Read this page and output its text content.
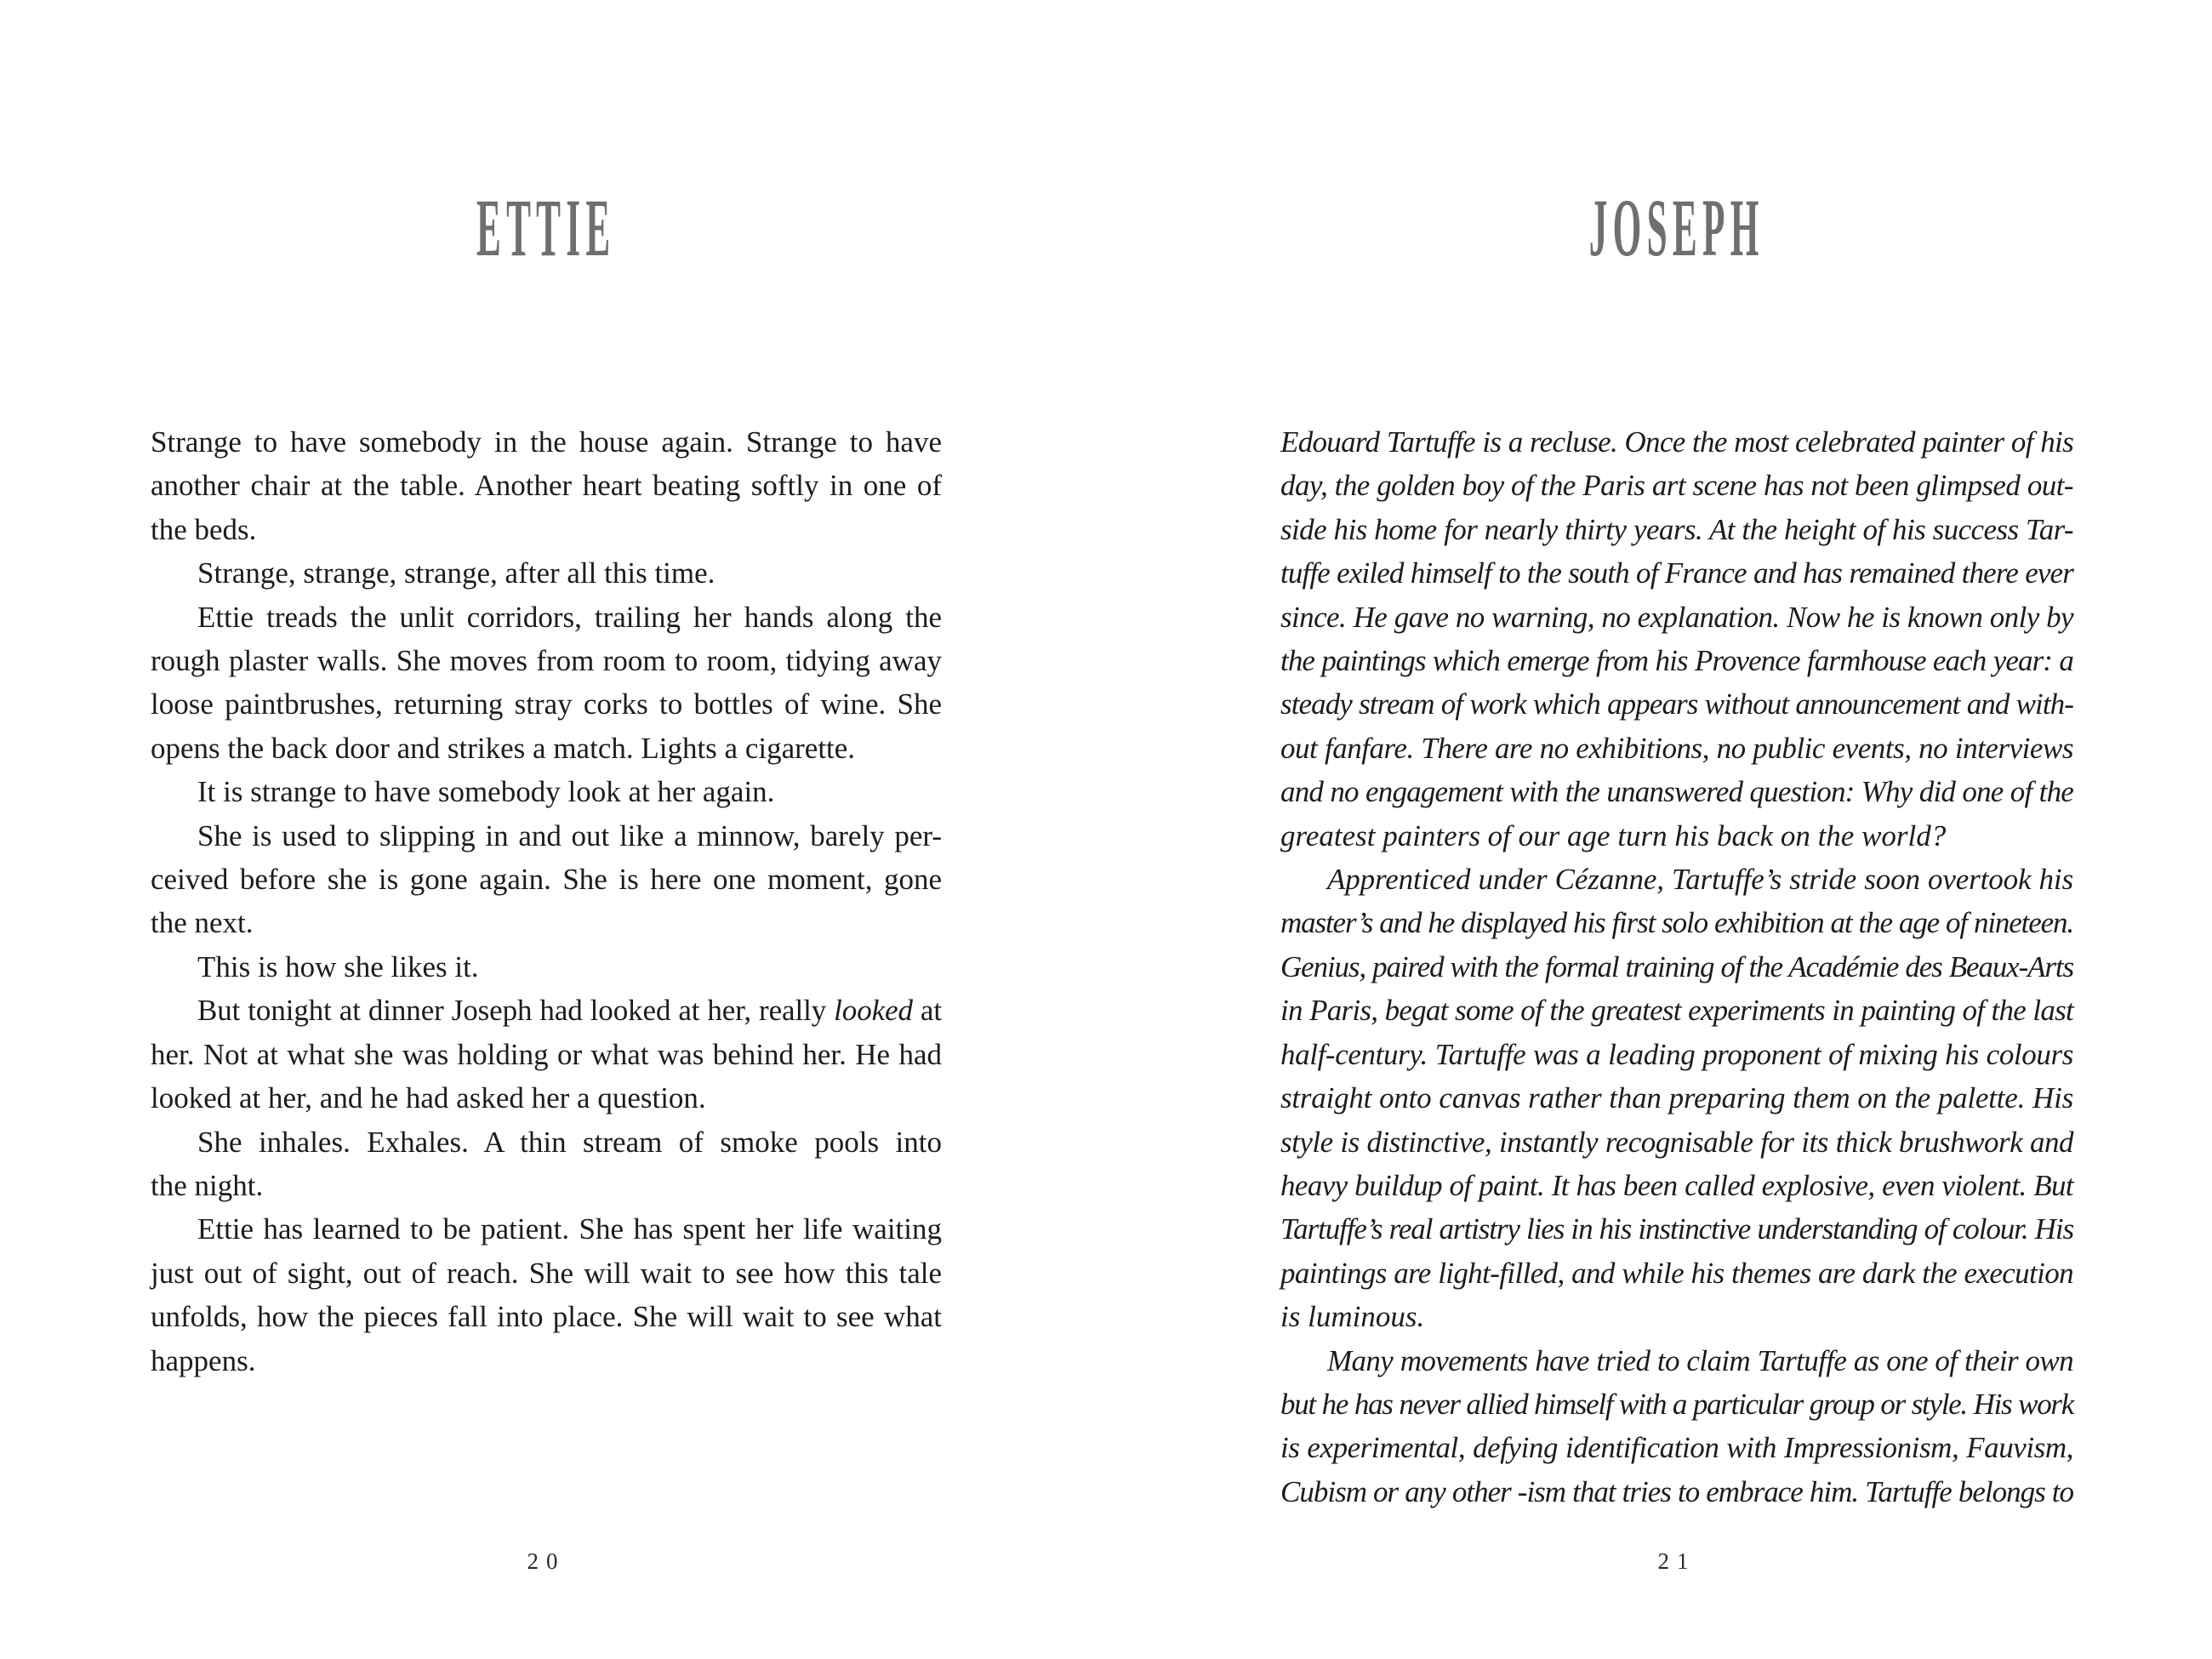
ETTIE
Strange to have somebody in the house again. Strange to have
another chair at the table. Another heart beating softly in one of
the beds.
Strange, strange, strange, after all this time.
Ettie treads the unlit corridors, trailing her hands along the
rough plaster walls. She moves from room to room, tidying away
loose paintbrushes, returning stray corks to bottles of wine. She
opens the back door and strikes a match. Lights a cigarette.
It is strange to have somebody look at her again.
She is used to slipping in and out like a minnow, barely per-
ceived before she is gone again. She is here one moment, gone
the next.
This is how she likes it.
But tonight at dinner Joseph had looked at her, really looked at
her. Not at what she was holding or what was behind her. He had
looked at her, and he had asked her a question.
She inhales. Exhales. A thin stream of smoke pools into
the night.
Ettie has learned to be patient. She has spent her life waiting
just out of sight, out of reach. She will wait to see how this tale
unfolds, how the pieces fall into place. She will wait to see what
happens.
20
JOSEPH
Edouard Tartuffe is a recluse. Once the most celebrated painter of his
day, the golden boy of the Paris art scene has not been glimpsed out-
side his home for nearly thirty years. At the height of his success Tar-
tuffe exiled himself to the south of France and has remained there ever
since. He gave no warning, no explanation. Now he is known only by
the paintings which emerge from his Provence farmhouse each year: a
steady stream of work which appears without announcement and with-
out fanfare. There are no exhibitions, no public events, no interviews
and no engagement with the unanswered question: Why did one of the
greatest painters of our age turn his back on the world?
Apprenticed under Cézanne, Tartuffe’s stride soon overtook his
master’s and he displayed his first solo exhibition at the age of nineteen.
Genius, paired with the formal training of the Académie des Beaux-Arts
in Paris, begat some of the greatest experiments in painting of the last
half-century. Tartuffe was a leading proponent of mixing his colours
straight onto canvas rather than preparing them on the palette. His
style is distinctive, instantly recognisable for its thick brushwork and
heavy buildup of paint. It has been called explosive, even violent. But
Tartuffe’s real artistry lies in his instinctive understanding of colour. His
paintings are light-filled, and while his themes are dark the execution
is luminous.
Many movements have tried to claim Tartuffe as one of their own
but he has never allied himself with a particular group or style. His work
is experimental, defying identification with Impressionism, Fauvism,
Cubism or any other -ism that tries to embrace him. Tartuffe belongs to
21
